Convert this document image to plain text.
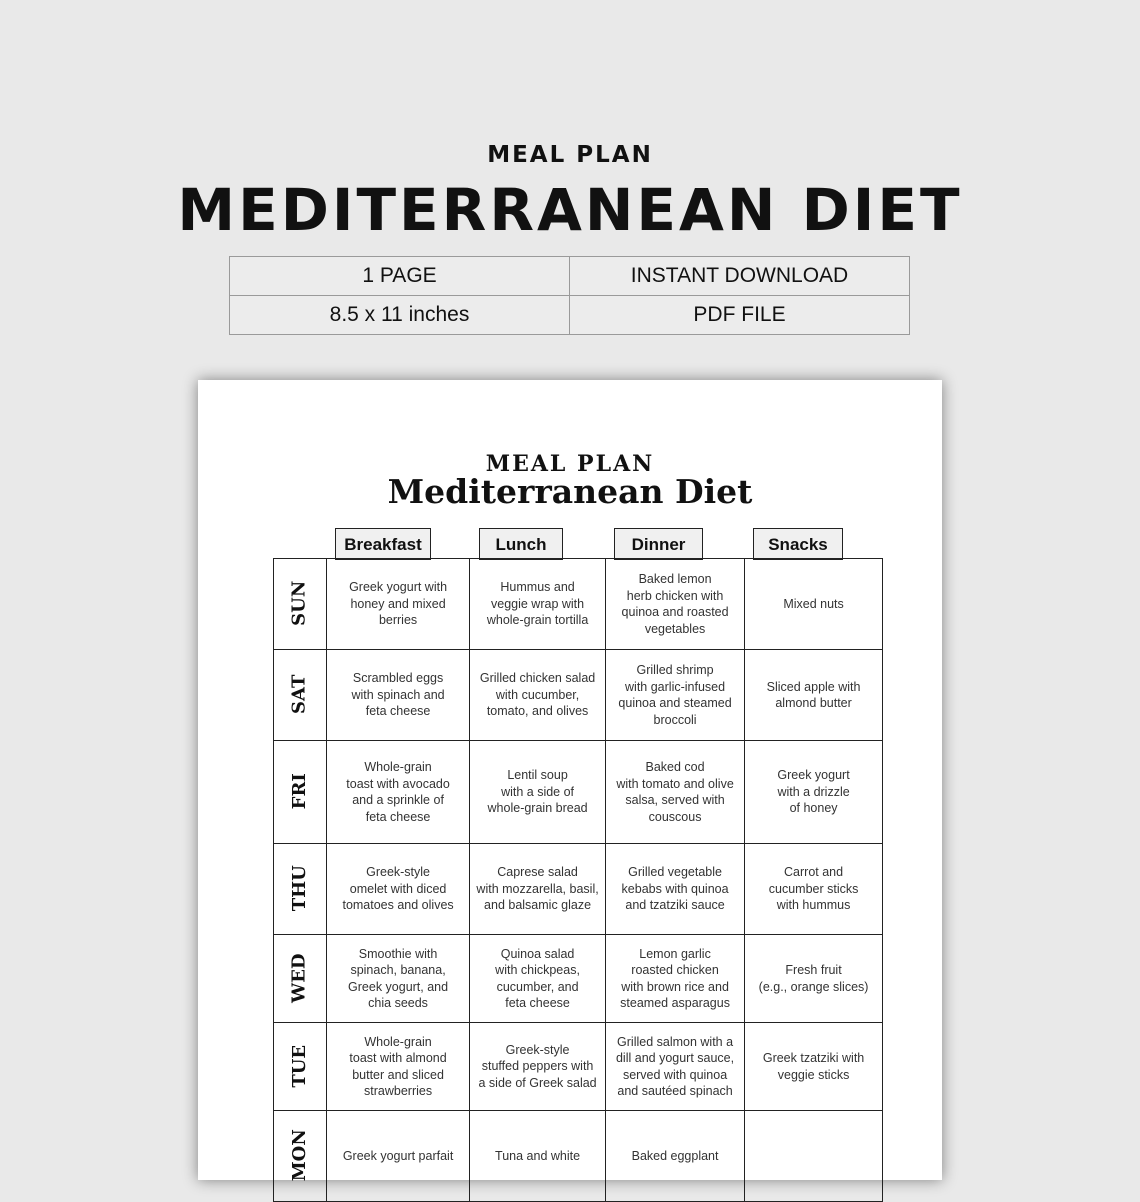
MEAL PLAN
MEDITERRANEAN DIET
1 PAGE	INSTANT DOWNLOAD
8.5 x 11 inches	PDF FILE
MEAL PLAN
Mediterranean Diet
Breakfast	Lunch	Dinner	Snacks
SUN	Greek yogurt with
honey and mixed
berries	Hummus and
veggie wrap with
whole-grain tortilla	Baked lemon
herb chicken with
quinoa and roasted
vegetables	Mixed nuts
SAT	Scrambled eggs
with spinach and
feta cheese	Grilled chicken salad
with cucumber,
tomato, and olives	Grilled shrimp
with garlic-infused
quinoa and steamed
broccoli	Sliced apple with
almond butter
FRI	Whole-grain
toast with avocado
and a sprinkle of
feta cheese	Lentil soup
with a side of
whole-grain bread	Baked cod
with tomato and olive
salsa, served with
couscous	Greek yogurt
with a drizzle
of honey
THU	Greek-style
omelet with diced
tomatoes and olives	Caprese salad
with mozzarella, basil,
and balsamic glaze	Grilled vegetable
kebabs with quinoa
and tzatziki sauce	Carrot and
cucumber sticks
with hummus
WED	Smoothie with
spinach, banana,
Greek yogurt, and
chia seeds	Quinoa salad
with chickpeas,
cucumber, and
feta cheese	Lemon garlic
roasted chicken
with brown rice and
steamed asparagus	Fresh fruit
(e.g., orange slices)
TUE	Whole-grain
toast with almond
butter and sliced
strawberries	Greek-style
stuffed peppers with
a side of Greek salad	Grilled salmon with a
dill and yogurt sauce,
served with quinoa
and sautéed spinach	Greek tzatziki with
veggie sticks
MON	Greek yogurt parfait	Tuna and white	Baked eggplant	
